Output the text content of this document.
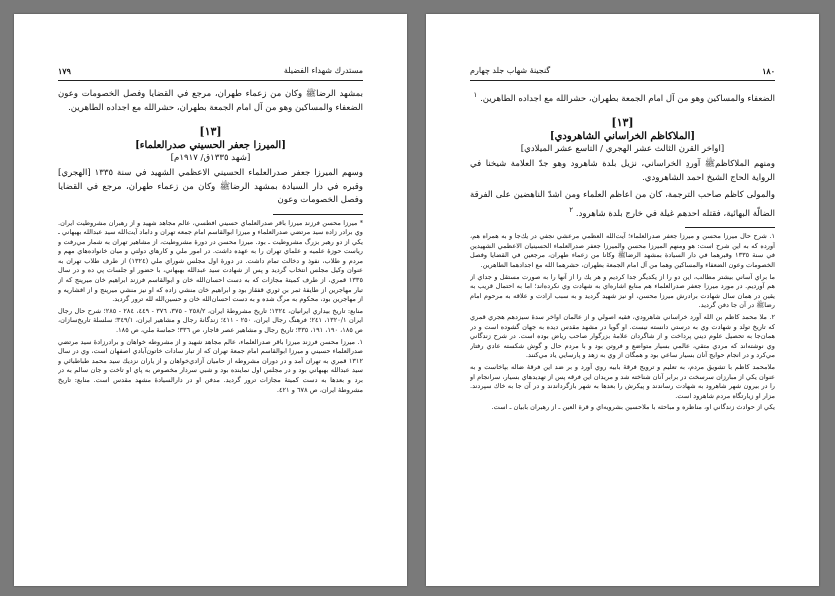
١٧٩	مستدرك شهداء الفضيلة

بمشهد الرضاﷺ وكان من زعماء طهران، مرجع في القضايا وفصل الخصومات وعون الضعفاء والمساكين وهو من آل امام الجمعة بطهران، حشرالله مع اجداده الطاهرين.

[١٣]
[الميرزا جعفر الحسيني صدرالعلماء]
[شهد ١٣٣٥ق/ ١٩١٧م]

وسهم الميرزا جعفر صدرالعلماء الحسيني الاعظمي الشهيد في سنة ١٣٣٥ [الهجري] وقبره في دار السيادة بمشهد الرضاﷺ وكان من زعماء طهران، مرجع في القضايا وفصل الخصومات وعون

* ميرزا محسن فرزند ميرزا باقر صدرالعلماي حسيني افطسي، عالم مجاهد شهيد و از رهبران مشروطيت ايران. وي برادر زاده سيد مرتضي صدرالعلماء و ميرزا ابوالقاسم امام جمعه تهران و داماد آيت‌الله سيد عبدالله بهبهاني ـ يكي از دو رهبر بزرگ مشروطيت ـ بود. ميرزا محسن در دورهٔ مشروطيت، از مشاهير تهران به شمار مي‌رفت و رياست حوزهٔ علميه و علماي تهران را به عهده داشت. در امور ملي و كارهاي دولتي و ميان خانواده‌هاي مهم و مردم و طلاب، نفوذ و دخالت تمام داشت. در دورهٔ اول مجلس شوراي ملي (١٣٢٤) از طرف طلاب تهران به عنوان وكيل مجلس انتخاب گرديد و پس از شهادت سيد عبدالله بهبهاني، با حضور او جلسات پي ده و در سال ١٣٣٥ قمري، از طرف كميتهٔ مجازات كه به دست احسان‌الله خان و ابوالقاسم فرزند ابراهيم خان ميرپنج كه از تبار مهاجرين از طايفهٔ ثمر بن ثوري قفقاز بود و ابراهيم خان منشي زاده كه او نيز منشي ميرپنج و از افشاريه و از مهاجرين بود، محكوم به مرگ شده و به دست احسان‌الله خان و حسين‌الله لله ترور گرديد.

منابع: تاريخ بيداري ايرانيان، ١٣٢٤؛ تاريخ مشروطهٔ ايران، ٢٥٨/٢ - ٣٧٥، ٣٧٦ - ٤٤٩، ٢٨٤ - ٢٨٥؛ شرح حال رجال ايران ١٣٢٠/١، ٢٤١؛ فرهنگ رجال ايران، ٢٥٠ - ٤١١؛ زندگانهٔ رجال و مشاهير ايران، ٣٤٩/١؛ سلسلهٔ تاريخ‌سازان، ص ١٨٥، ١٩٠، ١٩١، ٣٣٥؛ تاريخ رجال و مشاهير عصر قاجار، ص ٣٣٦؛ حماسهٔ ملي، ص ١٨٥.

١. ميرزا محسن فرزند ميرزا باقر صدرالعلماء، عالم مجاهد شهيد و از مشروطه خواهان و برادرزادهٔ سيد مرتضي صدرالعلماء حسيني و ميرزا ابوالقاسم امام جمعهٔ تهران كه از تبار سادات خاتون‌آبادي اصفهان است، وي در سال ١٣١٢ قمري به تهران آمد و در دوران مشروطه از حاميان آزادي‌خواهان و از ياران نزديك سيد محمد طباطبائي و سيد عبدالله بهبهاني بود و در مجلس اول نماينده بود و شبي سردار مخصوص به پاي او تاخت و جان سالم به در برد و بعدها به دست كميتهٔ مجازات ترور گرديد. مدفن او در دارالسيادهٔ مشهد مقدس است. منابع: تاريخ مشروطهٔ ايران، ص ٦٧٨ و ٤٢١.

١٨٠
گنجينهٔ شهاب جلد چهارم

الضعفاء والمساكين وهو من آل امام الجمعة بطهران، حشرالله مع اجداده الطاهرين. $^١$

[١٣]
[الملاكاظم الخراساني الشاهرودي]
[اواخر القرن الثالث عشر الهجري / التاسع عشر الميلادي]

ومنهم الملاكاظمﷺ آوردِ الخراساني، نزيل بلدة شاهرود وهو جدّ العلامة شيخنا في الرواية الحاج الشيخ احمد الشاهرودي.

والمولى كاظم صاحب الترجمة، كان من اعاظم العلماء ومن اشدّ الناهضين على الفرقة الضالّة البهائية، فقتله احدهم غيلة في خارج بلدة شاهرود. $^٢$

١. شرح حال ميرزا محسن و ميرزا جعفر صدرالعلماء؛ آيت‌الله العظمي مرعشي نجفي در يك‌جا و به همراه هم، آورده كه به اين شرح است: هو ومنهم الميرزا محسن والميرزا جعفر صدرالعلماء الحسينيان الاعظمي الشهيدين في سنة ١٣٣٥ وقبرهما في دار السيادة بمشهد الرضاﷺ وكانا من زعماء طهران، مرجعين في القضايا وفصل الخصومات وعون الضعفاء والمساكين وهما من آل امام الجمعة بطهران، حشرهما الله مع اجدادهما الطاهرين.

ما براي آساني بيشتر مطالب، اين دو را از يكديگر جدا كرديم و هر يك را از آنها را به صورت مستقل و جداي از هم آورديم. در مورد ميرزا جعفر صدرالعلماء هم منابع اشاره‌اي به شهادت وي نكرده‌اند؛ اما به احتمال قريب به يقين در همان سال شهادت برادرش ميرزا محسن، او نيز شهيد گرديد و به سبب ارادت و علاقه به مرحوم امام رضاﷺ در آن جا دفن گرديد.

٢. ملا محمد كاظم بن الله آورد خراساني شاهرودي، فقيه اصولي و از عالمان اواخر سدهٔ سيزدهم هجري قمري كه تاريخ تولد و شهادت وي به درستي دانسته نيست. او گويا در مشهد مقدس ديده به جهان گشوده است و در همان‌جا به تحصيل علوم ديني پرداخت و از شاگردان علامهٔ بزرگوار صاحب رياض بوده است. در شرح زندگاني وي نوشته‌اند كه مردي متقي، عالمي بسيار متواضع و فروتن بود و با مردم حال و گوش شكسته عادي رفتار مي‌كرد و در انجام حوايج آنان بسيار ساعي بود و همگان از وي به زهد و پارسايي ياد مي‌كنند.

ملامحمد كاظم با تشويق مردم، به تعليم و ترويج فرقهٔ بابيه روي آورد و بر ضد اين فرقهٔ ضاله بپاخاست و به عنوان يكي از مبارزان سرسخت در برابر آنان شناخته شد و مريدان اين فرقه پس از تهديدهاي بسيار، سرانجام او را در بيرون شهر شاهرود به شهادت رساندند و پيكرش را بعدها به شهر بازگرداندند و در آن جا به خاك سپردند. مزار او زيارتگاه مردم شاهرود است.

يكي از حوادث زندگاني او، مناظره و مباحثه با ملاحسين بشرويه‌اي و قرة العين ـ از رهبران بابيان ـ است.
